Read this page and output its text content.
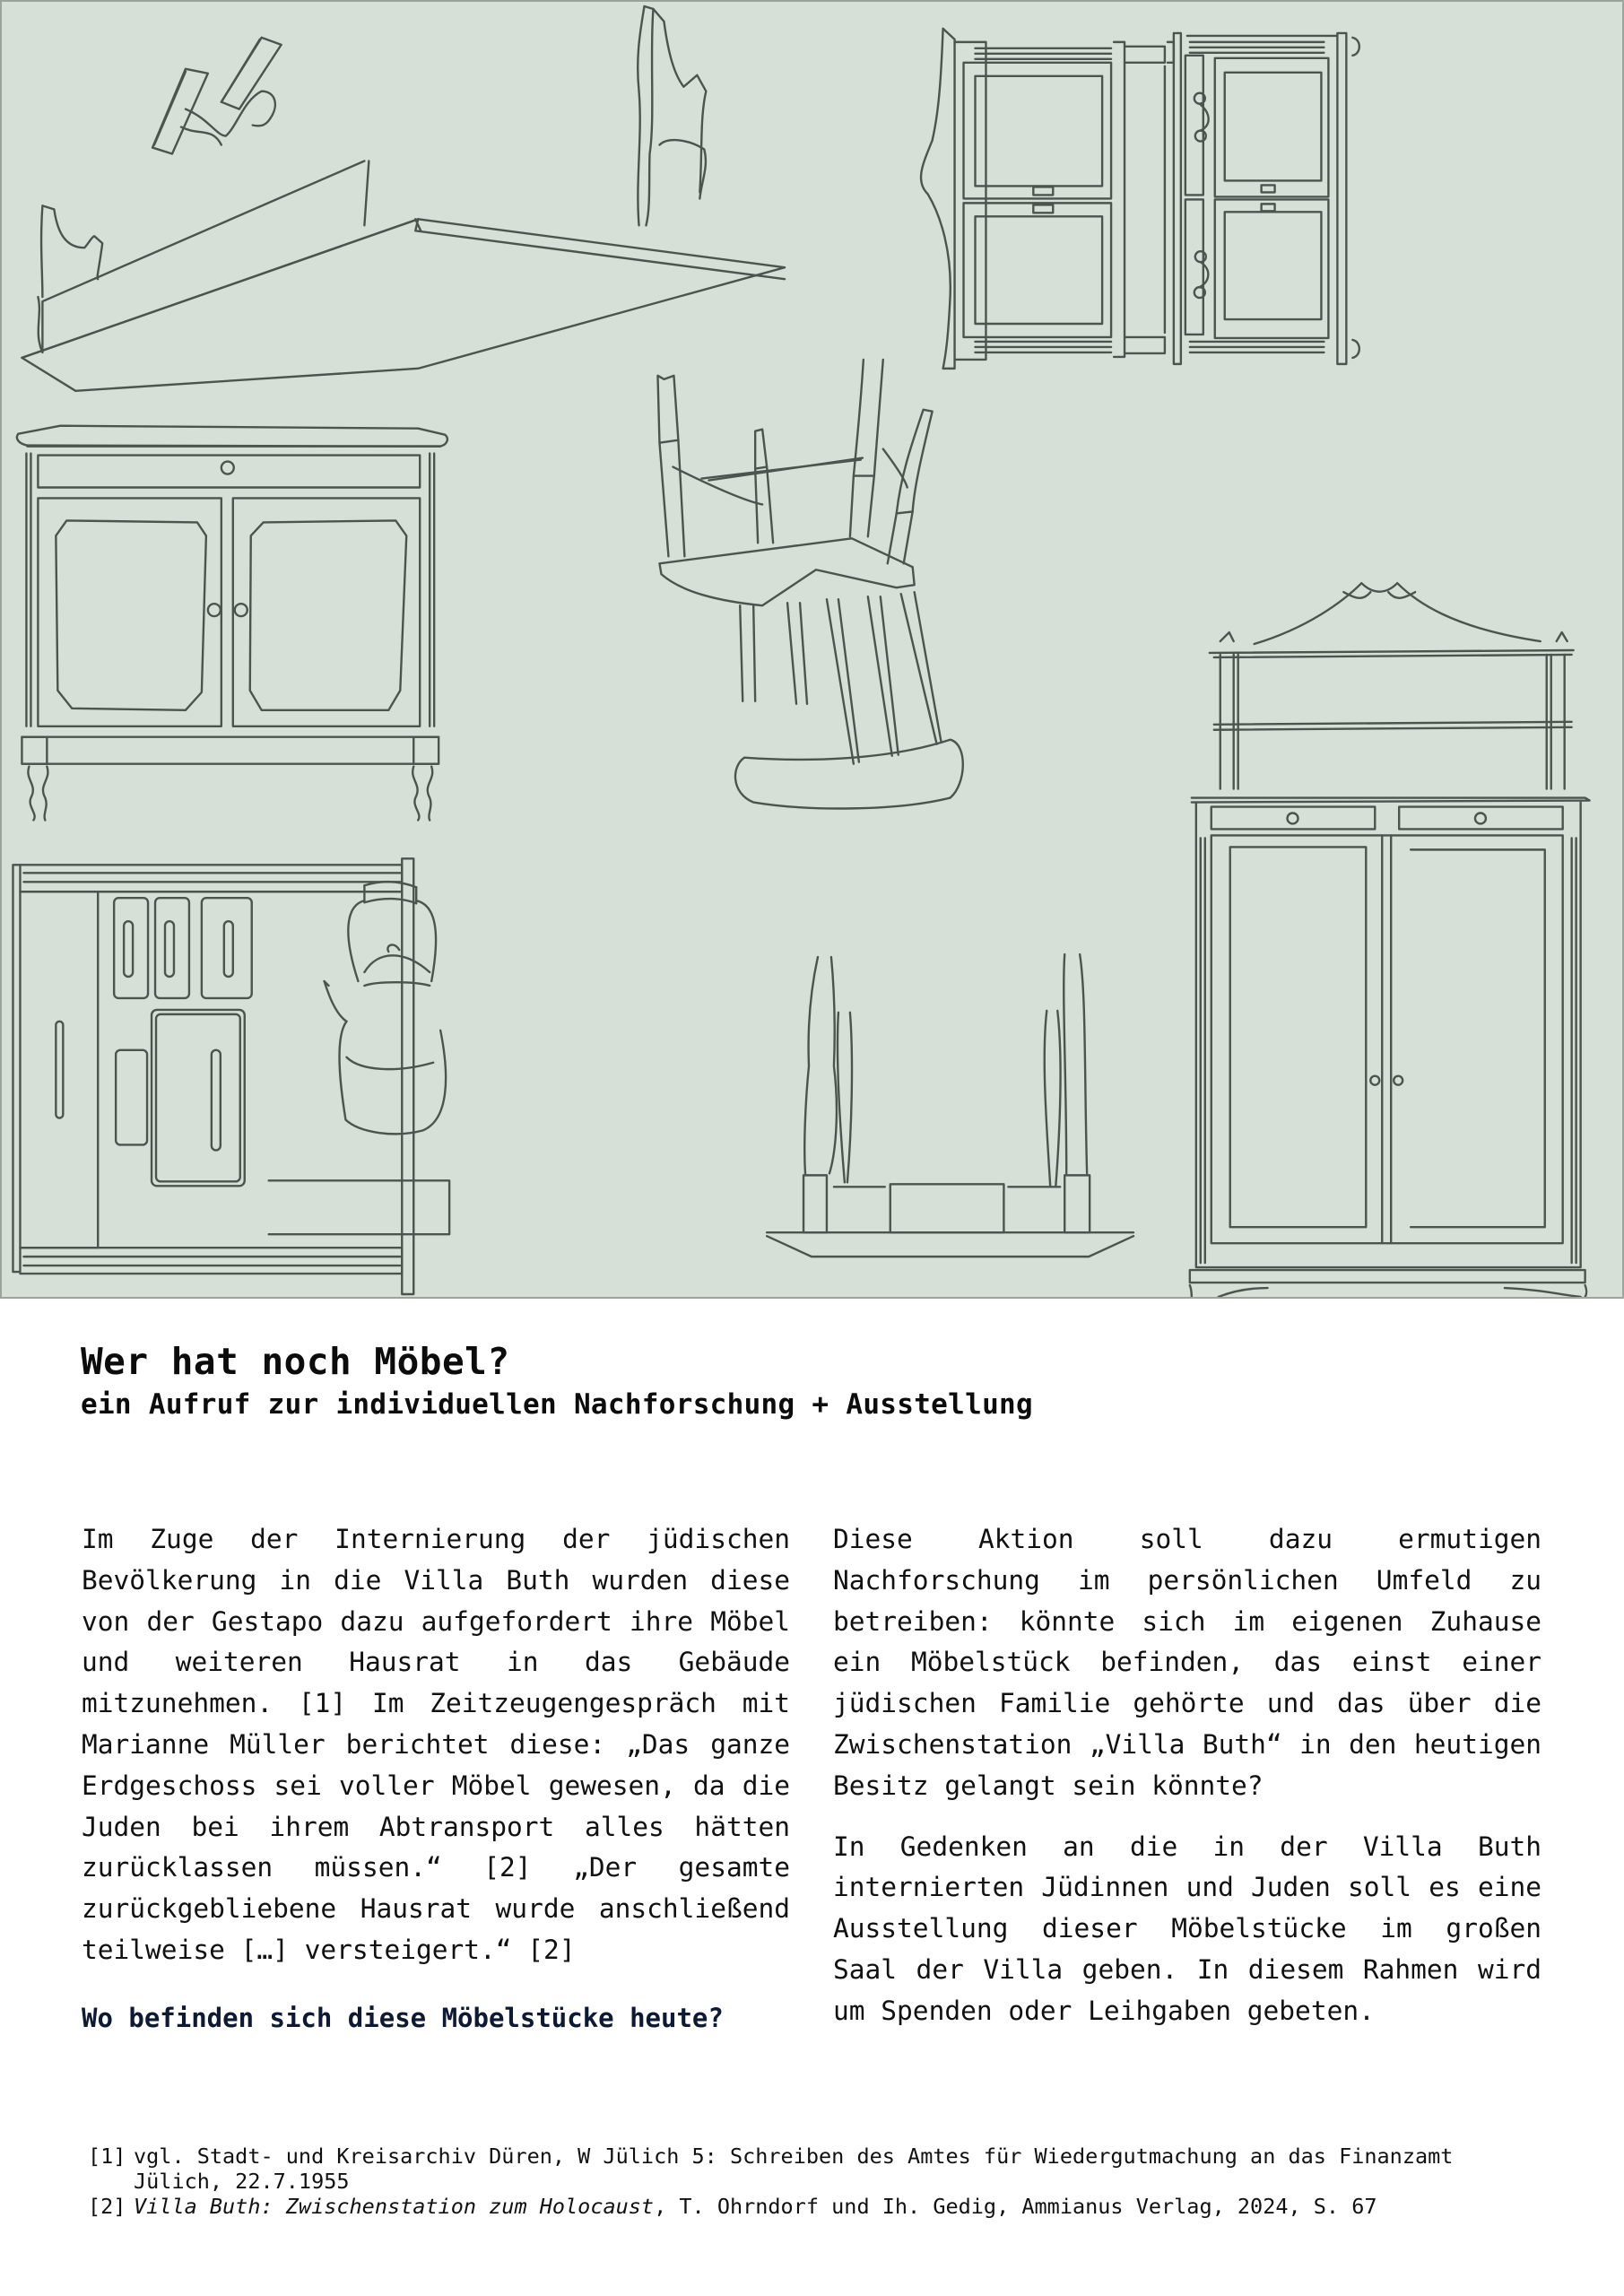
Wer hat noch Möbel?
ein Aufruf zur individuellen Nachforschung + Ausstellung

Im Zuge der Internierung der jüdischen Bevölkerung in die Villa Buth wurden diese von der Gestapo dazu aufgefordert ihre Möbel und weiteren Hausrat in das Gebäude mitzunehmen. [1] Im Zeitzeugengespräch mit Marianne Müller berichtet diese: „Das ganze Erdgeschoss sei voller Möbel gewesen, da die Juden bei ihrem Abtransport alles hätten zurücklassen müssen.“ [2] „Der gesamte zurückgebliebene Hausrat wurde anschließend teilweise […] versteigert.“ [2]

Wo befinden sich diese Möbelstücke heute?

Diese Aktion soll dazu ermutigen Nachforschung im persönlichen Umfeld zu betreiben: könnte sich im eigenen Zuhause ein Möbelstück befinden, das einst einer jüdischen Familie gehörte und das über die Zwischenstation „Villa Buth“ in den heutigen Besitz gelangt sein könnte?

In Gedenken an die in der Villa Buth internierten Jüdinnen und Juden soll es eine Ausstellung dieser Möbelstücke im großen Saal der Villa geben. In diesem Rahmen wird um Spenden oder Leihgaben gebeten.

[1] vgl. Stadt- und Kreisarchiv Düren, W Jülich 5: Schreiben des Amtes für Wiedergutmachung an das Finanzamt Jülich, 22.7.1955
[2] Villa Buth: Zwischenstation zum Holocaust, T. Ohrndorf und Ih. Gedig, Ammianus Verlag, 2024, S. 67
